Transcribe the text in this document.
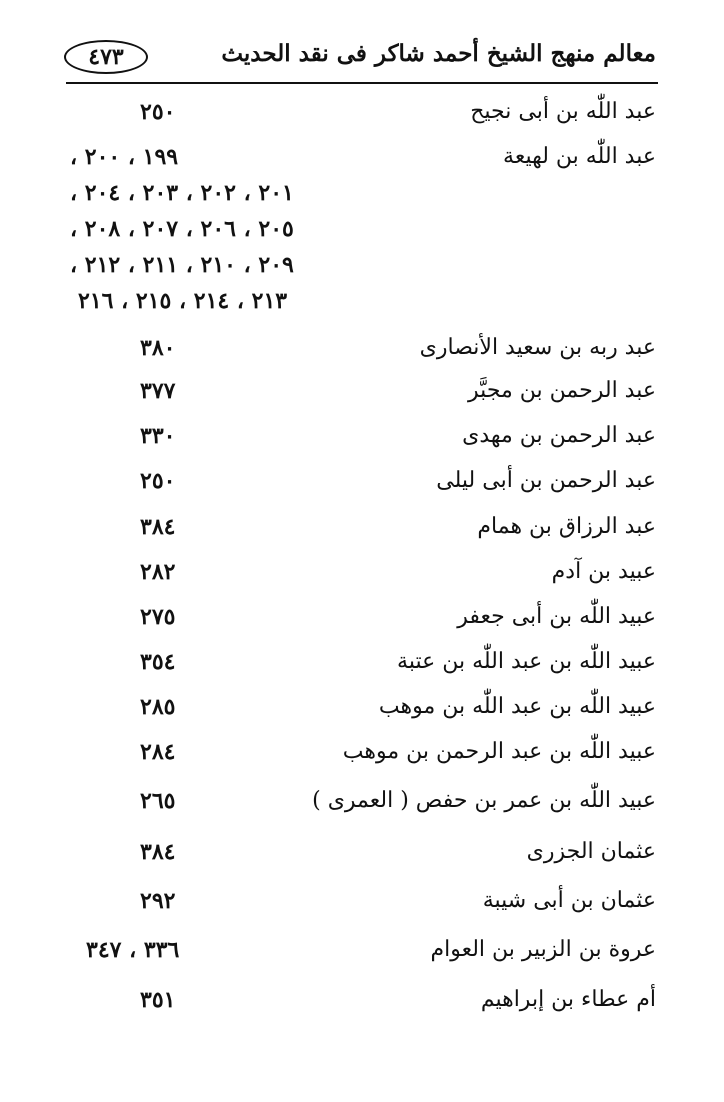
معالم منهج الشيخ أحمد شاكر فى نقد الحديث
٤٧٣
عبد اللّٰه بن أبى نجيح
٢٥٠
عبد اللّٰه بن لهيعة
١٩٩ ، ٢٠٠ ،
٢٠١ ، ٢٠٢ ، ٢٠٣ ، ٢٠٤ ،
٢٠٥ ، ٢٠٦ ، ٢٠٧ ، ٢٠٨ ،
٢٠٩ ، ٢١٠ ، ٢١١ ، ٢١٢ ،
٢١٣ ، ٢١٤ ، ٢١٥ ، ٢١٦
عبد ربه بن سعيد الأنصارى
٣٨٠
عبد الرحمن بن مجبَّر
٣٧٧
عبد الرحمن بن مهدى
٣٣٠
عبد الرحمن بن أبى ليلى
٢٥٠
عبد الرزاق بن همام
٣٨٤
عبيد بن آدم
٢٨٢
عبيد اللّٰه بن أبى جعفر
٢٧٥
عبيد اللّٰه بن عبد اللّٰه بن عتبة
٣٥٤
عبيد اللّٰه بن عبد اللّٰه بن موهب
٢٨٥
عبيد اللّٰه بن عبد الرحمن بن موهب
٢٨٤
عبيد اللّٰه بن عمر بن حفص ( العمرى )
٢٦٥
عثمان الجزرى
٣٨٤
عثمان بن أبى شيبة
٢٩٢
عروة بن الزبير بن العوام
٣٣٦ ، ٣٤٧
أم عطاء بن إبراهيم
٣٥١
